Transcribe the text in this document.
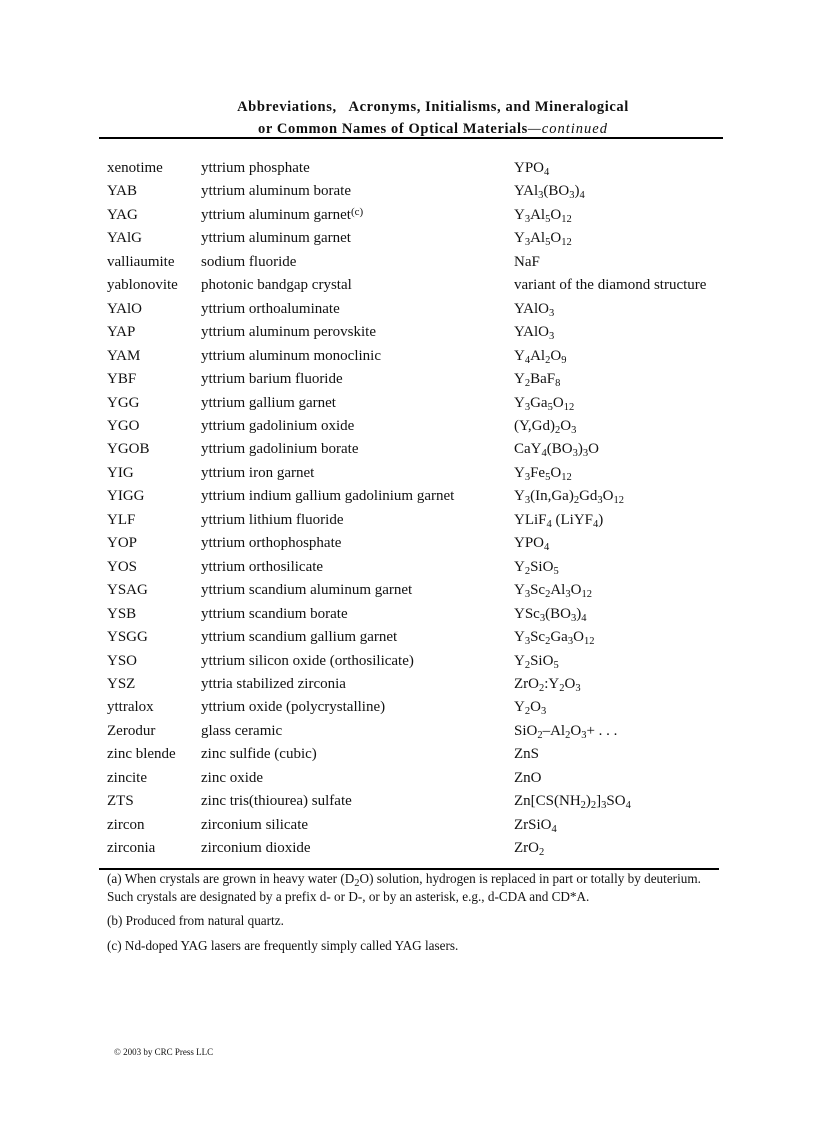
Abbreviations,   Acronyms, Initialisms, and Mineralogical
or Common Names of Optical Materials—continued
xenotime	yttrium phosphate	$YPO_4$
YAB	yttrium aluminum borate	$YAl_3(BO_3)_4$
YAG	yttrium aluminum garnet$^{(c)}$	$Y_3Al_5O_{12}$
YAlG	yttrium aluminum garnet	$Y_3Al_5O_{12}$
valliaumite	sodium fluoride	NaF
yablonovite	photonic bandgap crystal	variant of the diamond structure
YAlO	yttrium orthoaluminate	YAlO$_3$
YAP	yttrium aluminum perovskite	YAlO$_3$
YAM	yttrium aluminum monoclinic	$Y_4Al_2O_9$
YBF	yttrium barium fluoride	$Y_2BaF_8$
YGG	yttrium gallium garnet	$Y_3Ga_5O_{12}$
YGO	yttrium gadolinium oxide	$(Y,Gd)_2O_3$
YGOB	yttrium gadolinium borate	$CaY_4(BO_3)_3O$
YIG	yttrium iron garnet	$Y_3Fe_5O_{12}$
YIGG	yttrium indium gallium gadolinium garnet	$Y_3(In,Ga)_2Gd_3O_{12}$
YLF	yttrium lithium fluoride	YLiF$_4$ (LiYF$_4$)
YOP	yttrium orthophosphate	$YPO_4$
YOS	yttrium orthosilicate	$Y_2SiO_5$
YSAG	yttrium scandium aluminum garnet	$Y_3Sc_2Al_3O_{12}$
YSB	yttrium scandium borate	$YSc_3(BO_3)_4$
YSGG	yttrium scandium gallium garnet	$Y_3Sc_2Ga_3O_{12}$
YSO	yttrium silicon oxide (orthosilicate)	$Y_2SiO_5$
YSZ	yttria stabilized zirconia	$ZrO_2:Y_2O_3$
yttralox	yttrium oxide (polycrystalline)	$Y_2O_3$
Zerodur	glass ceramic	$SiO_2-Al_2O_3+$ . . .
zinc blende	zinc sulfide (cubic)	ZnS
zincite	zinc oxide	ZnO
ZTS	zinc tris(thiourea) sulfate	$Zn[CS(NH_2)_2]_3SO_4$
zircon	zirconium silicate	ZrSiO$_4$
zirconia	zirconium dioxide	ZrO$_2$

(a) When crystals are grown in heavy water $(D_2O)$ solution, hydrogen is replaced in part or totally by deuterium. Such crystals are designated by a prefix d- or D-, or by an asterisk, e.g., d-CDA and CD*A.

(b) Produced from natural quartz.

(c) Nd-doped YAG lasers are frequently simply called YAG lasers.

© 2003 by CRC Press LLC
